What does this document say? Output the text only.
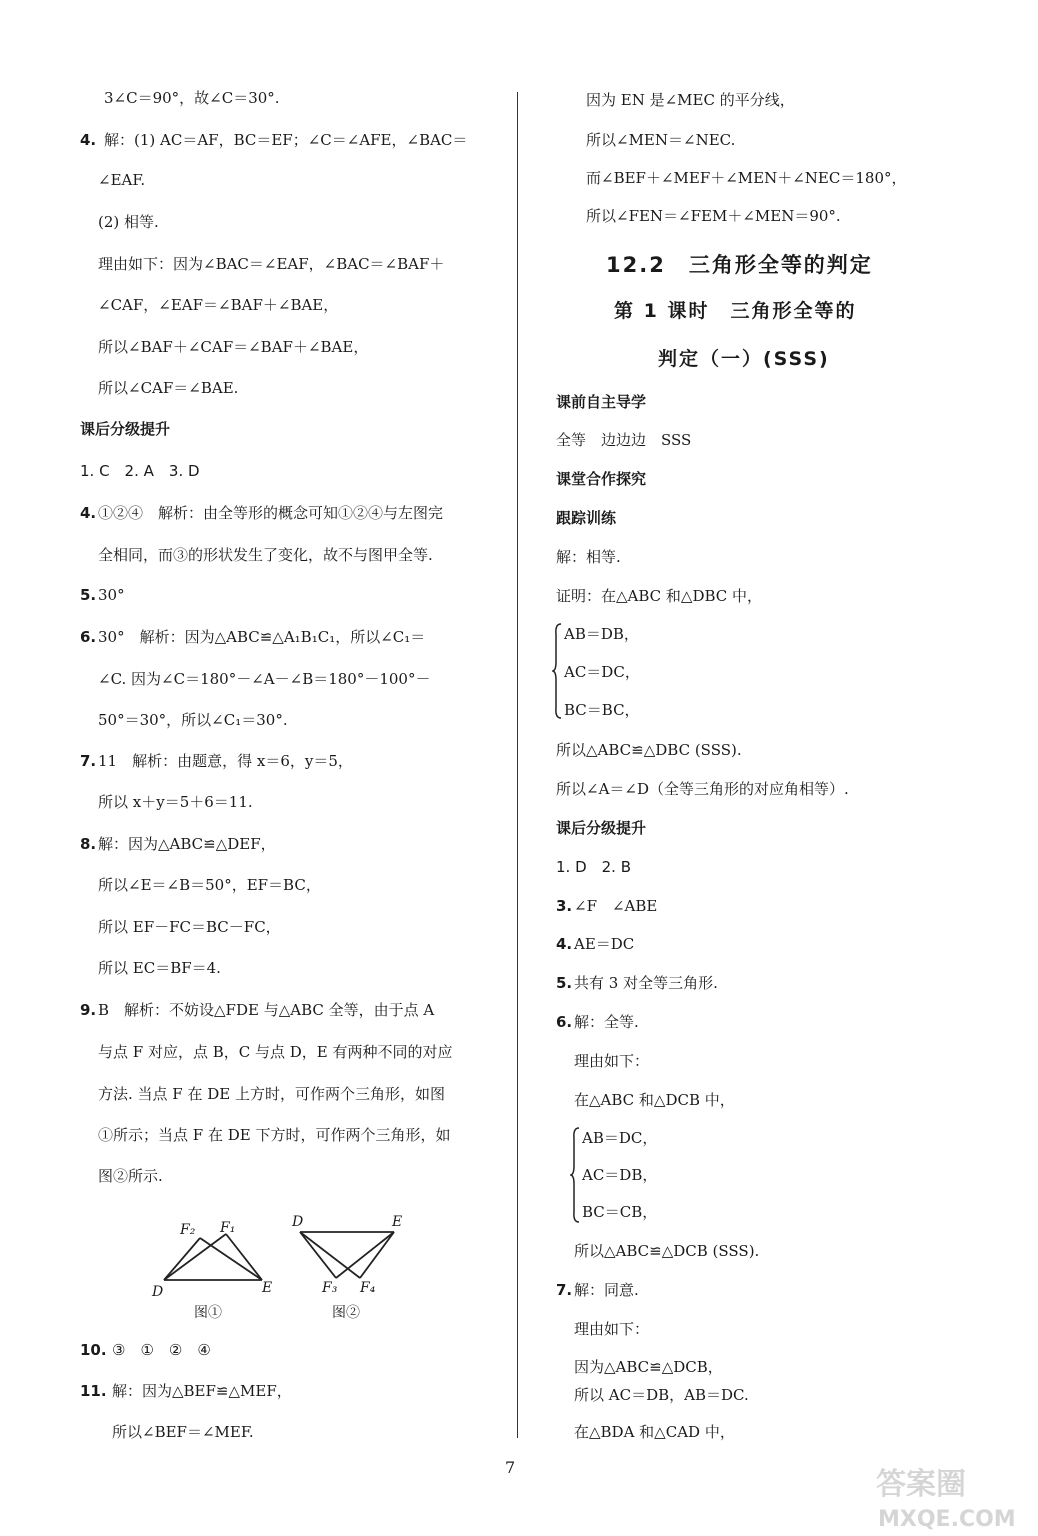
3∠C＝90°，故∠C＝30°.
4. 解：(1) AC＝AF，BC＝EF；∠C＝∠AFE，∠BAC＝
∠EAF.
(2) 相等.
理由如下：因为∠BAC＝∠EAF，∠BAC＝∠BAF＋
∠CAF，∠EAF＝∠BAF＋∠BAE，
所以∠BAF＋∠CAF＝∠BAF＋∠BAE，
所以∠CAF＝∠BAE.
课后分级提升
1. C　2. A　3. D
4. ①②④　解析：由全等形的概念可知①②④与左图完
全相同，而③的形状发生了变化，故不与图甲全等.
5. 30°
6. 30°　解析：因为△ABC≌△A₁B₁C₁，所以∠C₁＝
∠C. 因为∠C＝180°－∠A－∠B＝180°－100°－
50°＝30°，所以∠C₁＝30°.
7. 11　解析：由题意，得 x＝6，y＝5，
所以 x＋y＝5＋6＝11.
8. 解：因为△ABC≌△DEF，
所以∠E＝∠B＝50°，EF＝BC，
所以 EF－FC＝BC－FC，
所以 EC＝BF＝4.
9. B　解析：不妨设△FDE 与△ABC 全等，由于点 A
与点 F 对应，点 B，C 与点 D，E 有两种不同的对应
方法. 当点 F 在 DE 上方时，可作两个三角形，如图
①所示；当点 F 在 DE 下方时，可作两个三角形，如
图②所示.
F₂ F₁
D	E
图①
D	E
F₃ F₄
图②
10. ③　①　②　④
11. 解：因为△BEF≌△MEF，
所以∠BEF＝∠MEF.
因为 EN 是∠MEC 的平分线，
所以∠MEN＝∠NEC.
而∠BEF＋∠MEF＋∠MEN＋∠NEC＝180°，
所以∠FEN＝∠FEM＋∠MEN＝90°.
12.2　三角形全等的判定
第 1 课时　三角形全等的
判定（一）(SSS)
课前自主导学
全等　边边边　SSS
课堂合作探究
跟踪训练
解：相等.
证明：在△ABC 和△DBC 中，
AB＝DB，
AC＝DC，
BC＝BC，
所以△ABC≌△DBC (SSS).
所以∠A＝∠D（全等三角形的对应角相等）.
课后分级提升
1. D　2. B
3. ∠F　∠ABE
4. AE＝DC
5. 共有 3 对全等三角形.
6. 解：全等.
理由如下：
在△ABC 和△DCB 中，
AB＝DC，
AC＝DB，
BC＝CB，
所以△ABC≌△DCB (SSS).
7. 解：同意.
理由如下：
因为△ABC≌△DCB，
所以 AC＝DB，AB＝DC.
在△BDA 和△CAD 中，
7	答案圈
MXQE.COM
